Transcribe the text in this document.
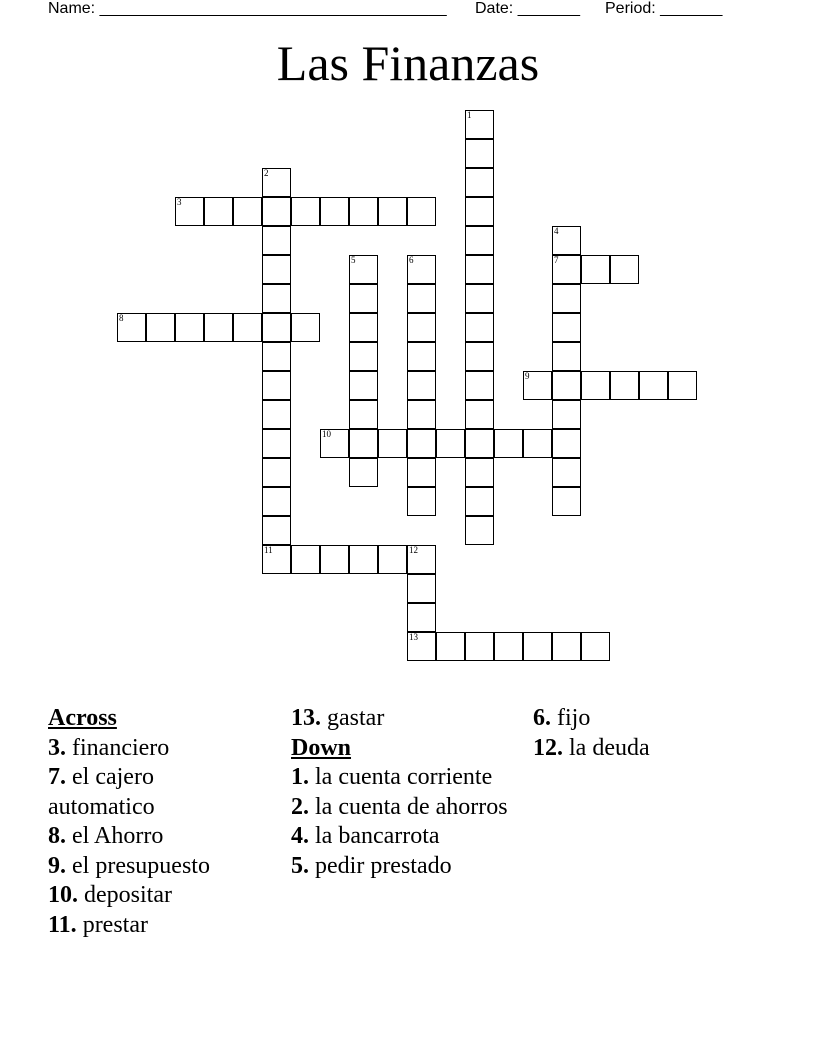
Name: _______________________________________ Date: _______ Period: _______
Las Finanzas
1
2
11
3
4
7
5	6
8
9
10
12
13
Across
3. financiero
7. el cajero automatico
8. el Ahorro
9. el presupuesto
10. depositar
11. prestar
13. gastar
Down
1. la cuenta corriente
2. la cuenta de ahorros
4. la bancarrota
5. pedir prestado
6. fijo
12. la deuda
